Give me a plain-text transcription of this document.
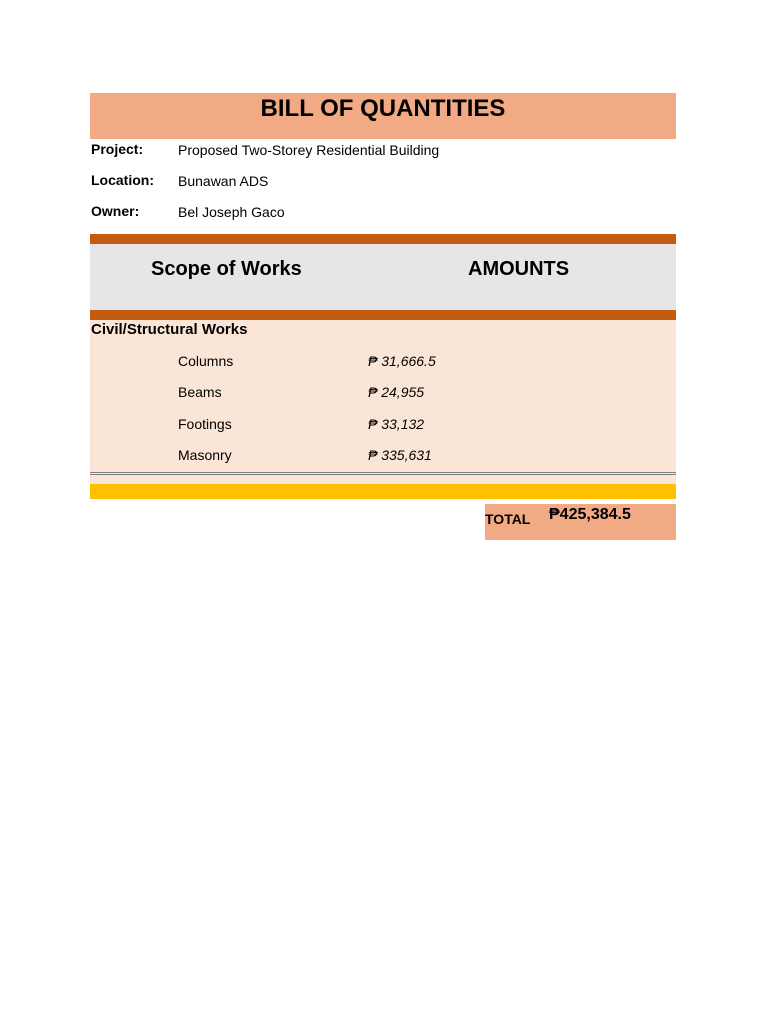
BILL OF QUANTITIES
Project: Proposed Two-Storey Residential Building
Location: Bunawan ADS
Owner:	Bel Joseph Gaco
Scope of Works	AMOUNTS
Civil/Structural Works
Columns	₱ 31,666.5
Beams	₱ 24,955
Footings	₱ 33,132
Masonry	₱ 335,631
TOTAL ₱425,384.5
